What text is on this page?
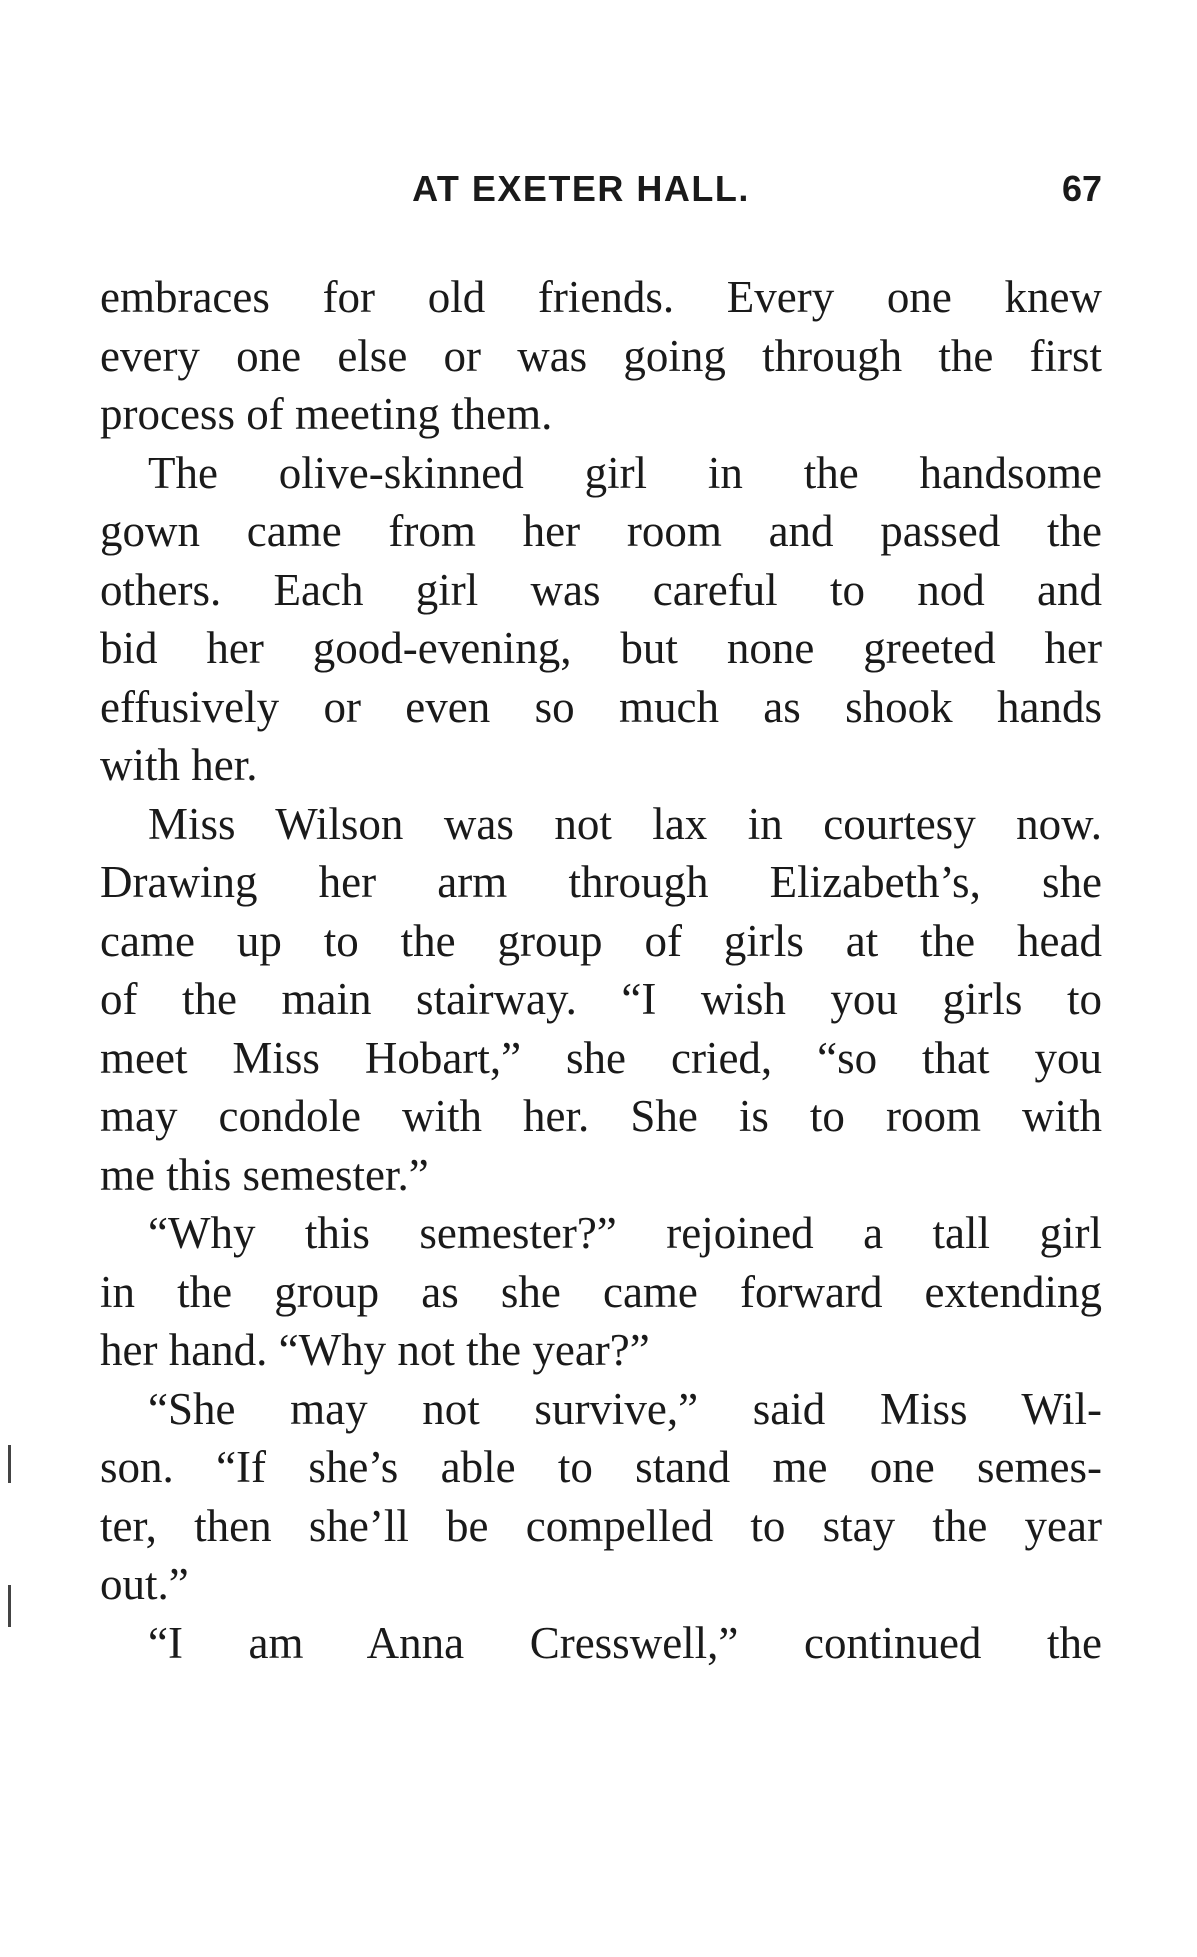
AT EXETER HALL.	67
embraces for old friends. Every one knew
every one else or was going through the first
process of meeting them.
The olive-skinned girl in the handsome
gown came from her room and passed the
others. Each girl was careful to nod and
bid her good-evening, but none greeted her
effusively or even so much as shook hands
with her.
Miss Wilson was not lax in courtesy now.
Drawing her arm through Elizabeth’s, she
came up to the group of girls at the head
of the main stairway. “I wish you girls to
meet Miss Hobart,” she cried, “so that you
may condole with her. She is to room with
me this semester.”
“Why this semester?” rejoined a tall girl
in the group as she came forward extending
her hand. “Why not the year?”
“She may not survive,” said Miss Wil-
son. “If she’s able to stand me one semes-
ter, then she’ll be compelled to stay the year
out.”
“I am Anna Cresswell,” continued the
